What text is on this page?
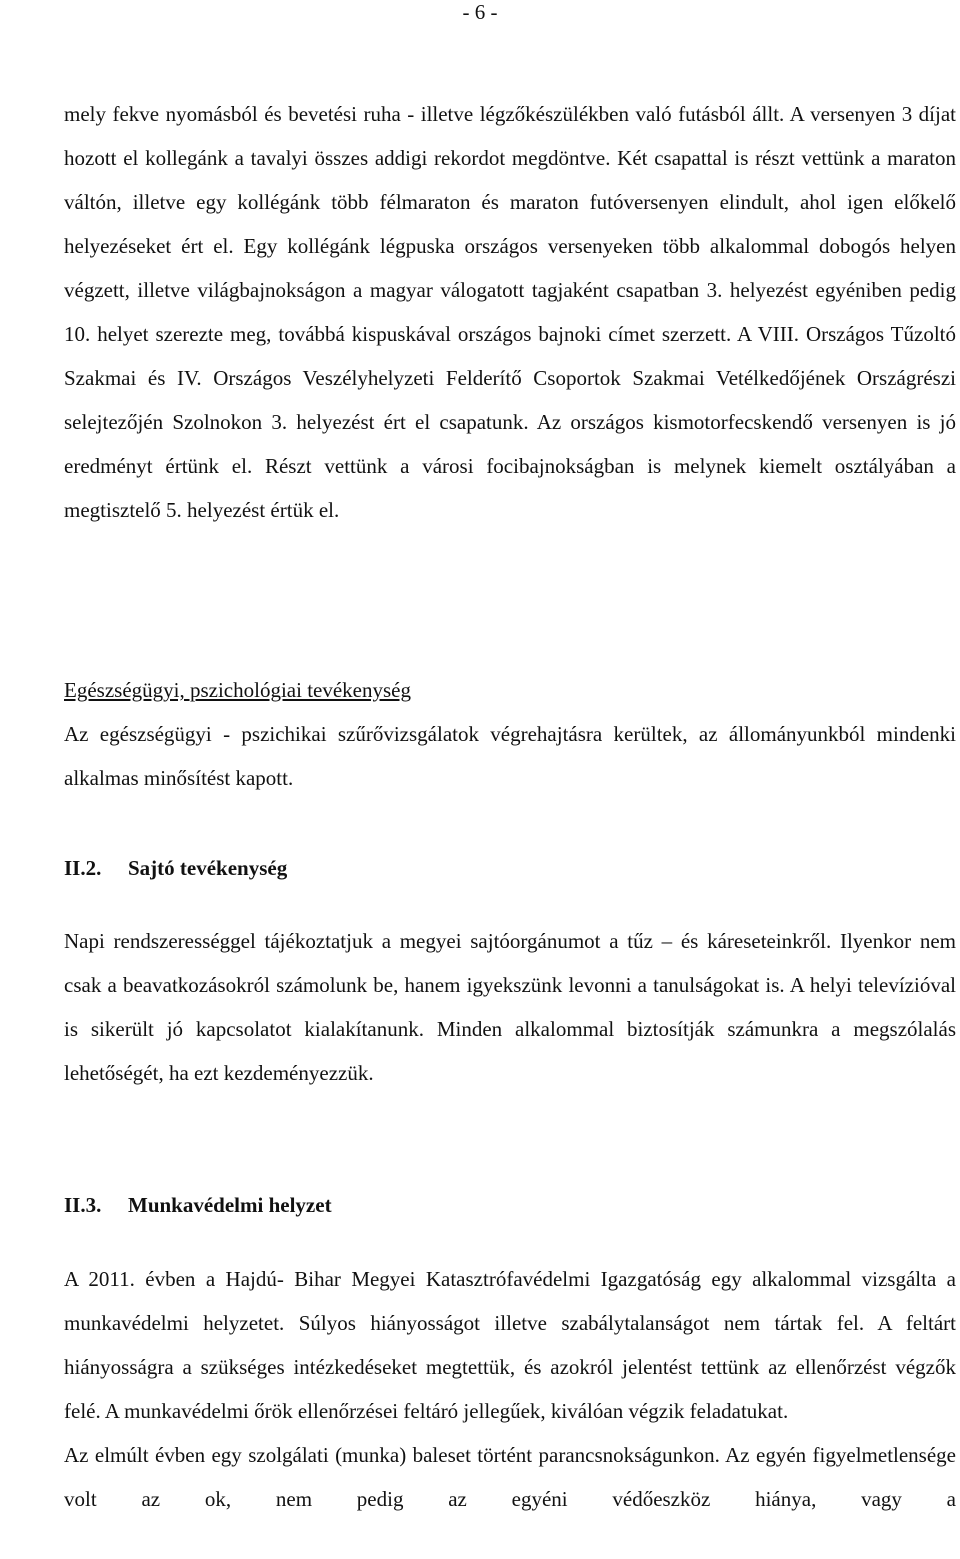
- 6 -

mely fekve nyomásból és bevetési ruha - illetve légzőkészülékben való futásból állt. A versenyen 3 díjat hozott el kollegánk a tavalyi összes addigi rekordot megdöntve. Két csapattal is részt vettünk a maraton váltón, illetve egy kollégánk több félmaraton és maraton futóversenyen elindult, ahol igen előkelő helyezéseket ért el. Egy kollégánk légpuska országos versenyeken több alkalommal dobogós helyen végzett, illetve világbajnokságon a magyar válogatott tagjaként csapatban 3. helyezést egyéniben pedig 10. helyet szerezte meg, továbbá kispuskával országos bajnoki címet szerzett. A VIII. Országos Tűzoltó Szakmai és IV. Országos Veszélyhelyzeti Felderítő Csoportok Szakmai Vetélkedőjének Országrészi selejtezőjén Szolnokon 3. helyezést ért el csapatunk. Az országos kismotorfecskendő versenyen is jó eredményt értünk el. Részt vettünk a városi focibajnokságban is melynek kiemelt osztályában a megtisztelő 5. helyezést értük el.

Egészségügyi, pszichológiai tevékenység

Az egészségügyi - pszichikai szűrővizsgálatok végrehajtásra kerültek, az állományunkból mindenki alkalmas minősítést kapott.

II.2. Sajtó tevékenység

Napi rendszerességgel tájékoztatjuk a megyei sajtóorgánumot a tűz – és káreseteinkről. Ilyenkor nem csak a beavatkozásokról számolunk be, hanem igyekszünk levonni a tanulságokat is. A helyi televízióval is sikerült jó kapcsolatot kialakítanunk. Minden alkalommal biztosítják számunkra a megszólalás lehetőségét, ha ezt kezdeményezzük.

II.3. Munkavédelmi helyzet

A 2011. évben a Hajdú- Bihar Megyei Katasztrófavédelmi Igazgatóság egy alkalommal vizsgálta a munkavédelmi helyzetet. Súlyos hiányosságot illetve szabálytalanságot nem tártak fel. A feltárt hiányosságra a szükséges intézkedéseket megtettük, és azokról jelentést tettünk az ellenőrzést végzők felé. A munkavédelmi őrök ellenőrzései feltáró jellegűek, kiválóan végzik feladatukat.

Az elmúlt évben egy szolgálati (munka) baleset történt parancsnokságunkon. Az egyén figyelmetlensége volt az ok, nem pedig az egyéni védőeszköz hiánya, vagy a
